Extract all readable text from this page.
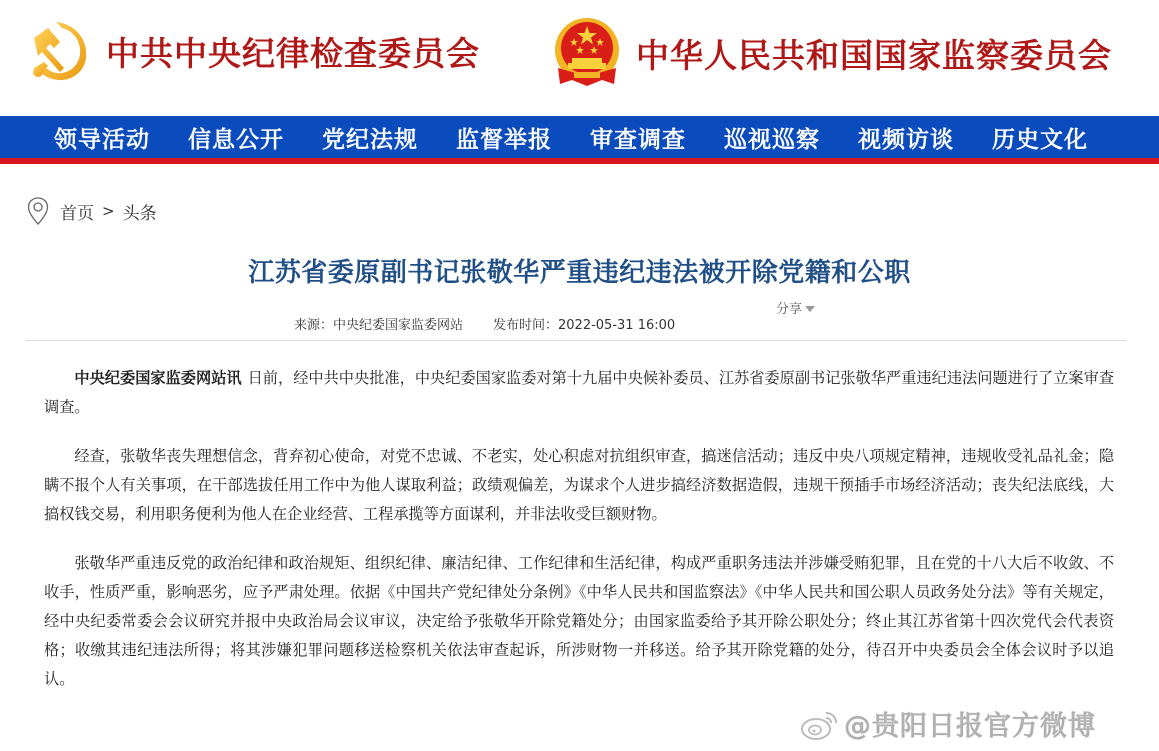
中共中央纪律检查委员会	中华人民共和国国家监察委员会
领导活动 信息公开 党纪法规 监督举报 审查调查 巡视巡察 视频访谈 历史文化
首页 > 头条
江苏省委原副书记张敬华严重违纪违法被开除党籍和公职
分享
来源：中央纪委国家监委网站 发布时间：2022-05-31 16:00

中央纪委国家监委网站讯 日前，经中共中央批准，中央纪委国家监委对第十九届中央候补委员、江苏省委原副书记张敬华严重违纪违法问题进行了立案审查调查。

经查，张敬华丧失理想信念，背弃初心使命，对党不忠诚、不老实，处心积虑对抗组织审查，搞迷信活动；违反中央八项规定精神，违规收受礼品礼金；隐瞒不报个人有关事项，在干部选拔任用工作中为他人谋取利益；政绩观偏差，为谋求个人进步搞经济数据造假，违规干预插手市场经济活动；丧失纪法底线，大搞权钱交易，利用职务便利为他人在企业经营、工程承揽等方面谋利，并非法收受巨额财物。

张敬华严重违反党的政治纪律和政治规矩、组织纪律、廉洁纪律、工作纪律和生活纪律，构成严重职务违法并涉嫌受贿犯罪，且在党的十八大后不收敛、不收手，性质严重，影响恶劣，应予严肃处理。依据《中国共产党纪律处分条例》《中华人民共和国监察法》《中华人民共和国公职人员政务处分法》等有关规定，经中央纪委常委会会议研究并报中央政治局会议审议，决定给予张敬华开除党籍处分；由国家监委给予其开除公职处分；终止其江苏省第十四次党代会代表资格；收缴其违纪违法所得；将其涉嫌犯罪问题移送检察机关依法审查起诉，所涉财物一并移送。给予其开除党籍的处分，待召开中央委员会全体会议时予以追认。

@贵阳日报官方微博
